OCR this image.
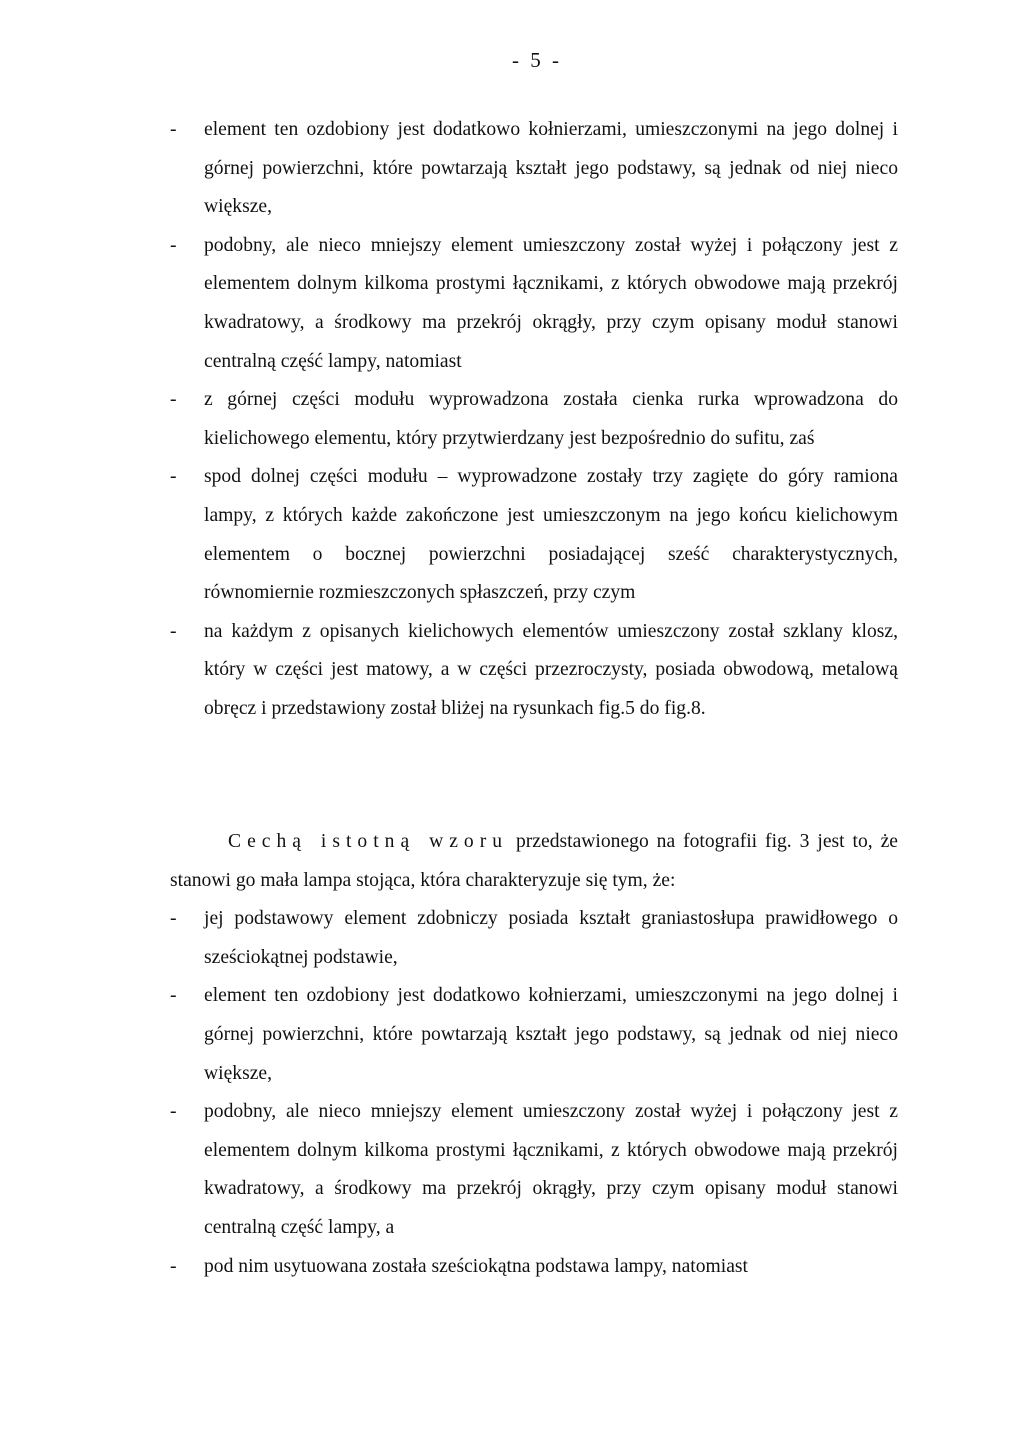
- 5 -
- element ten ozdobiony jest dodatkowo kołnierzami, umieszczonymi na jego dolnej i górnej powierzchni, które powtarzają kształt jego podstawy, są jednak od niej nieco większe,
- podobny, ale nieco mniejszy element umieszczony został wyżej i połączony jest z elementem dolnym kilkoma prostymi łącznikami, z których obwodowe mają przekrój kwadratowy, a środkowy ma przekrój okrągły, przy czym opisany moduł stanowi centralną część lampy, natomiast
- z górnej części modułu wyprowadzona została cienka rurka wprowadzona do kielichowego elementu, który przytwierdzany jest bezpośrednio do sufitu, zaś
- spod dolnej części modułu – wyprowadzone zostały trzy zagięte do góry ramiona lampy, z których każde zakończone jest umieszczonym na jego końcu kielichowym elementem o bocznej powierzchni posiadającej sześć charakterystycznych, równomiernie rozmieszczonych spłaszczeń, przy czym
- na każdym z opisanych kielichowych elementów umieszczony został szklany klosz, który w części jest matowy, a w części przezroczysty, posiada obwodową, metalową obręcz i przedstawiony został bliżej na rysunkach fig.5 do fig.8.

Cechą istotną wzoru przedstawionego na fotografii fig. 3 jest to, że stanowi go mała lampa stojąca, która charakteryzuje się tym, że:

- jej podstawowy element zdobniczy posiada kształt graniastosłupa prawidłowego o sześciokątnej podstawie,
- element ten ozdobiony jest dodatkowo kołnierzami, umieszczonymi na jego dolnej i górnej powierzchni, które powtarzają kształt jego podstawy, są jednak od niej nieco większe,
- podobny, ale nieco mniejszy element umieszczony został wyżej i połączony jest z elementem dolnym kilkoma prostymi łącznikami, z których obwodowe mają przekrój kwadratowy, a środkowy ma przekrój okrągły, przy czym opisany moduł stanowi centralną część lampy, a
- pod nim usytuowana została sześciokątna podstawa lampy, natomiast
